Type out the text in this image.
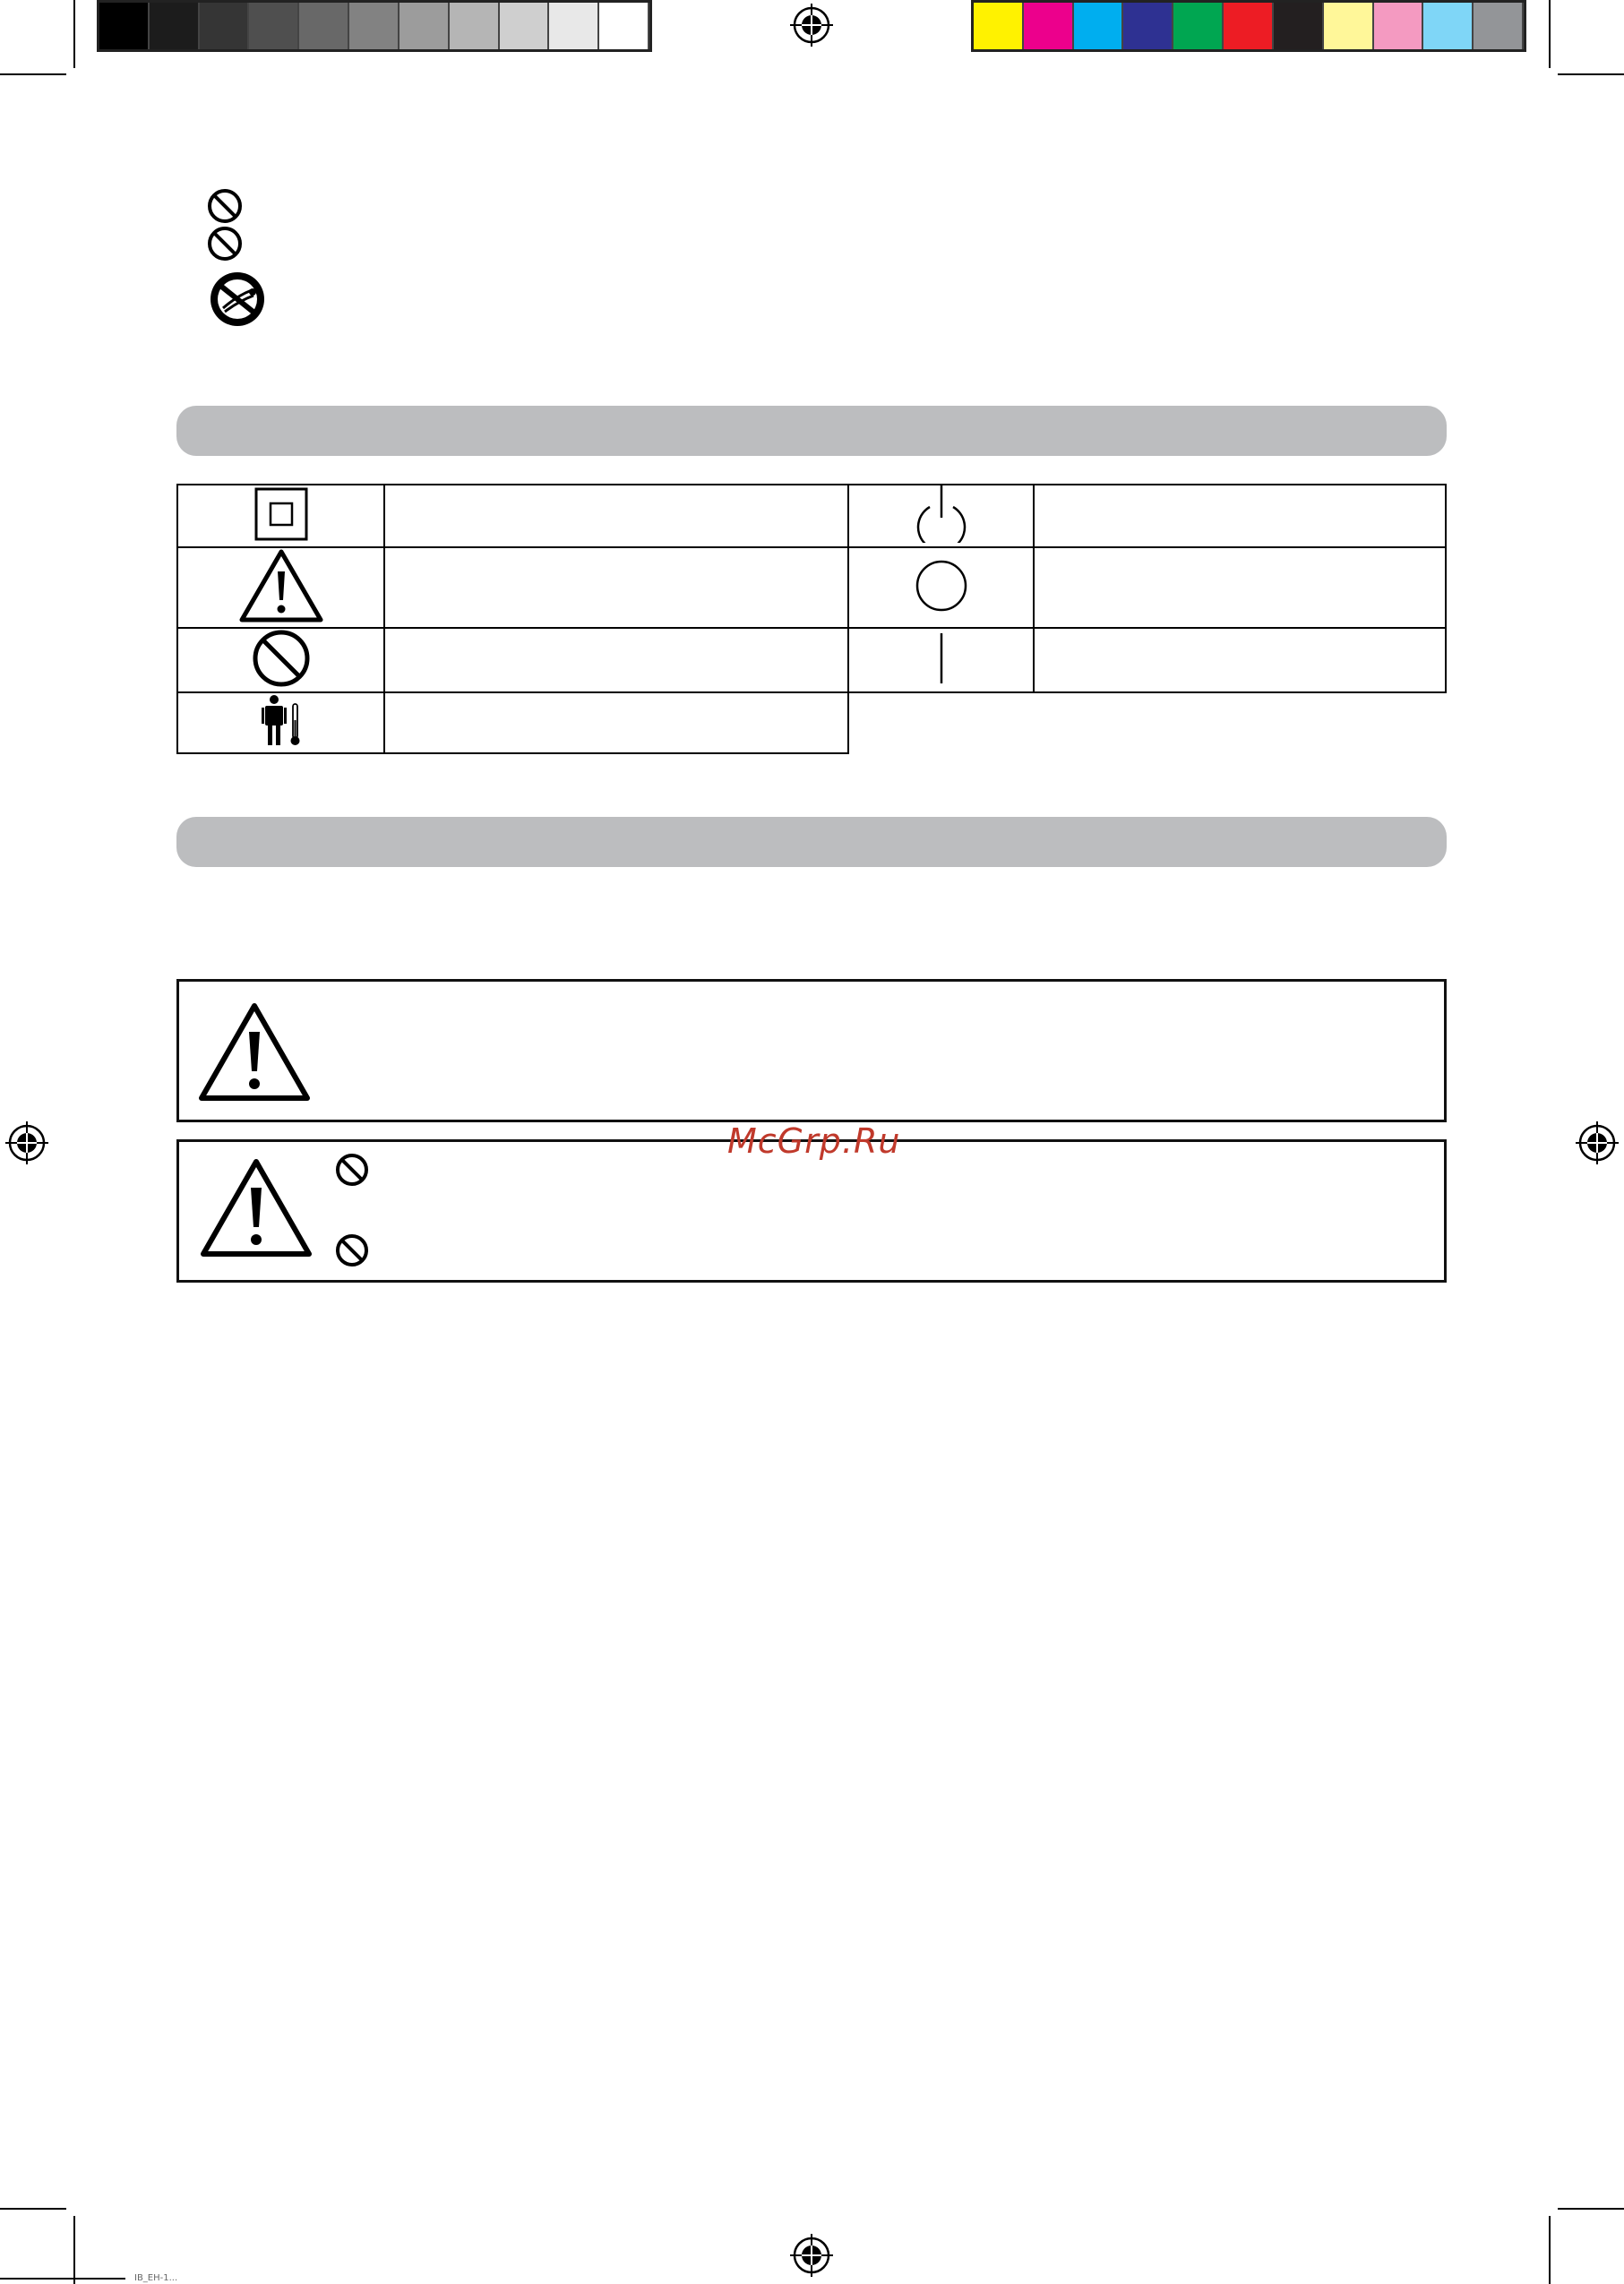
McGrp.Ru
IB_EH-1...
